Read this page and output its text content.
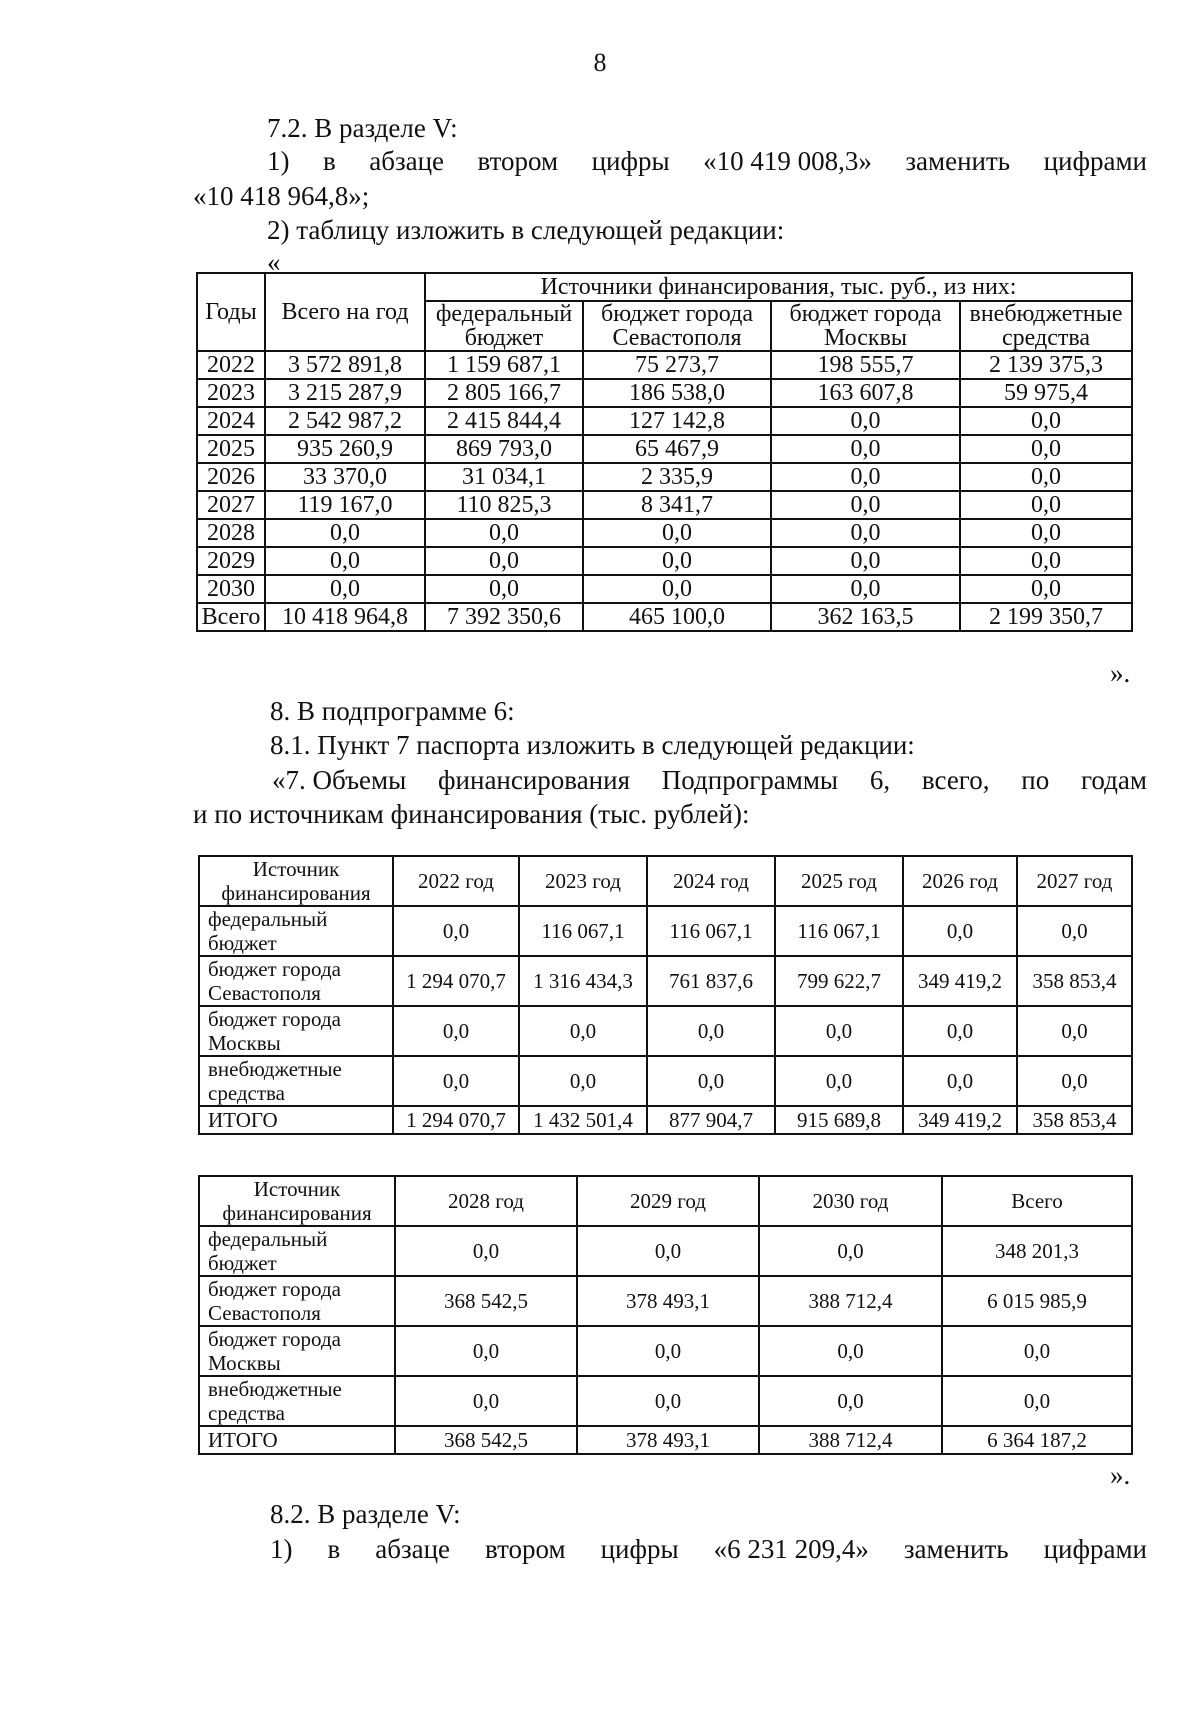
8
7.2. В разделе V:
1) в абзаце втором цифры «10 419 008,3» заменить цифрами
«10 418 964,8»;
2) таблицу изложить в следующей редакции:
«
Годы	Всего на год	Источники финансирования, тыс. руб., из них:			
		федеральный бюджет	бюджет города Севастополя	бюджет города Москвы	внебюджетные средства

2022	3 572 891,8	1 159 687,1	75 273,7	198 555,7	2 139 375,3
2023	3 215 287,9	2 805 166,7	186 538,0	163 607,8	59 975,4
2024	2 542 987,2	2 415 844,4	127 142,8	0,0	0,0
2025	935 260,9	869 793,0	65 467,9	0,0	0,0
2026	33 370,0	31 034,1	2 335,9	0,0	0,0
2027	119 167,0	110 825,3	8 341,7	0,0	0,0
2028	0,0	0,0	0,0	0,0	0,0
2029	0,0	0,0	0,0	0,0	0,0
2030	0,0	0,0	0,0	0,0	0,0
Всего	10 418 964,8	7 392 350,6	465 100,0	362 163,5	2 199 350,7
».
8. В подпрограмме 6:
8.1. Пункт 7 паспорта изложить в следующей редакции:
«7. Объемы финансирования Подпрограммы 6, всего, по годам
и по источникам финансирования (тыс. рублей):
Источник финансирования	2022 год	2023 год	2024 год	2025 год	2026 год	2027 год
федеральный бюджет	0,0	116 067,1	116 067,1	116 067,1	0,0	0,0
бюджет города Севастополя	1 294 070,7	1 316 434,3	761 837,6	799 622,7	349 419,2	358 853,4
бюджет города Москвы	0,0	0,0	0,0	0,0	0,0	0,0
внебюджетные средства	0,0	0,0	0,0	0,0	0,0	0,0
ИТОГО	1 294 070,7	1 432 501,4	877 904,7	915 689,8	349 419,2	358 853,4
Источник финансирования	2028 год	2029 год	2030 год	Всего
федеральный бюджет	0,0	0,0	0,0	348 201,3
бюджет города Севастополя	368 542,5	378 493,1	388 712,4	6 015 985,9
бюджет города Москвы	0,0	0,0	0,0	0,0
внебюджетные средства	0,0	0,0	0,0	0,0
ИТОГО	368 542,5	378 493,1	388 712,4	6 364 187,2
».
8.2. В разделе V:
1) в абзаце втором цифры «6 231 209,4» заменить цифрами
